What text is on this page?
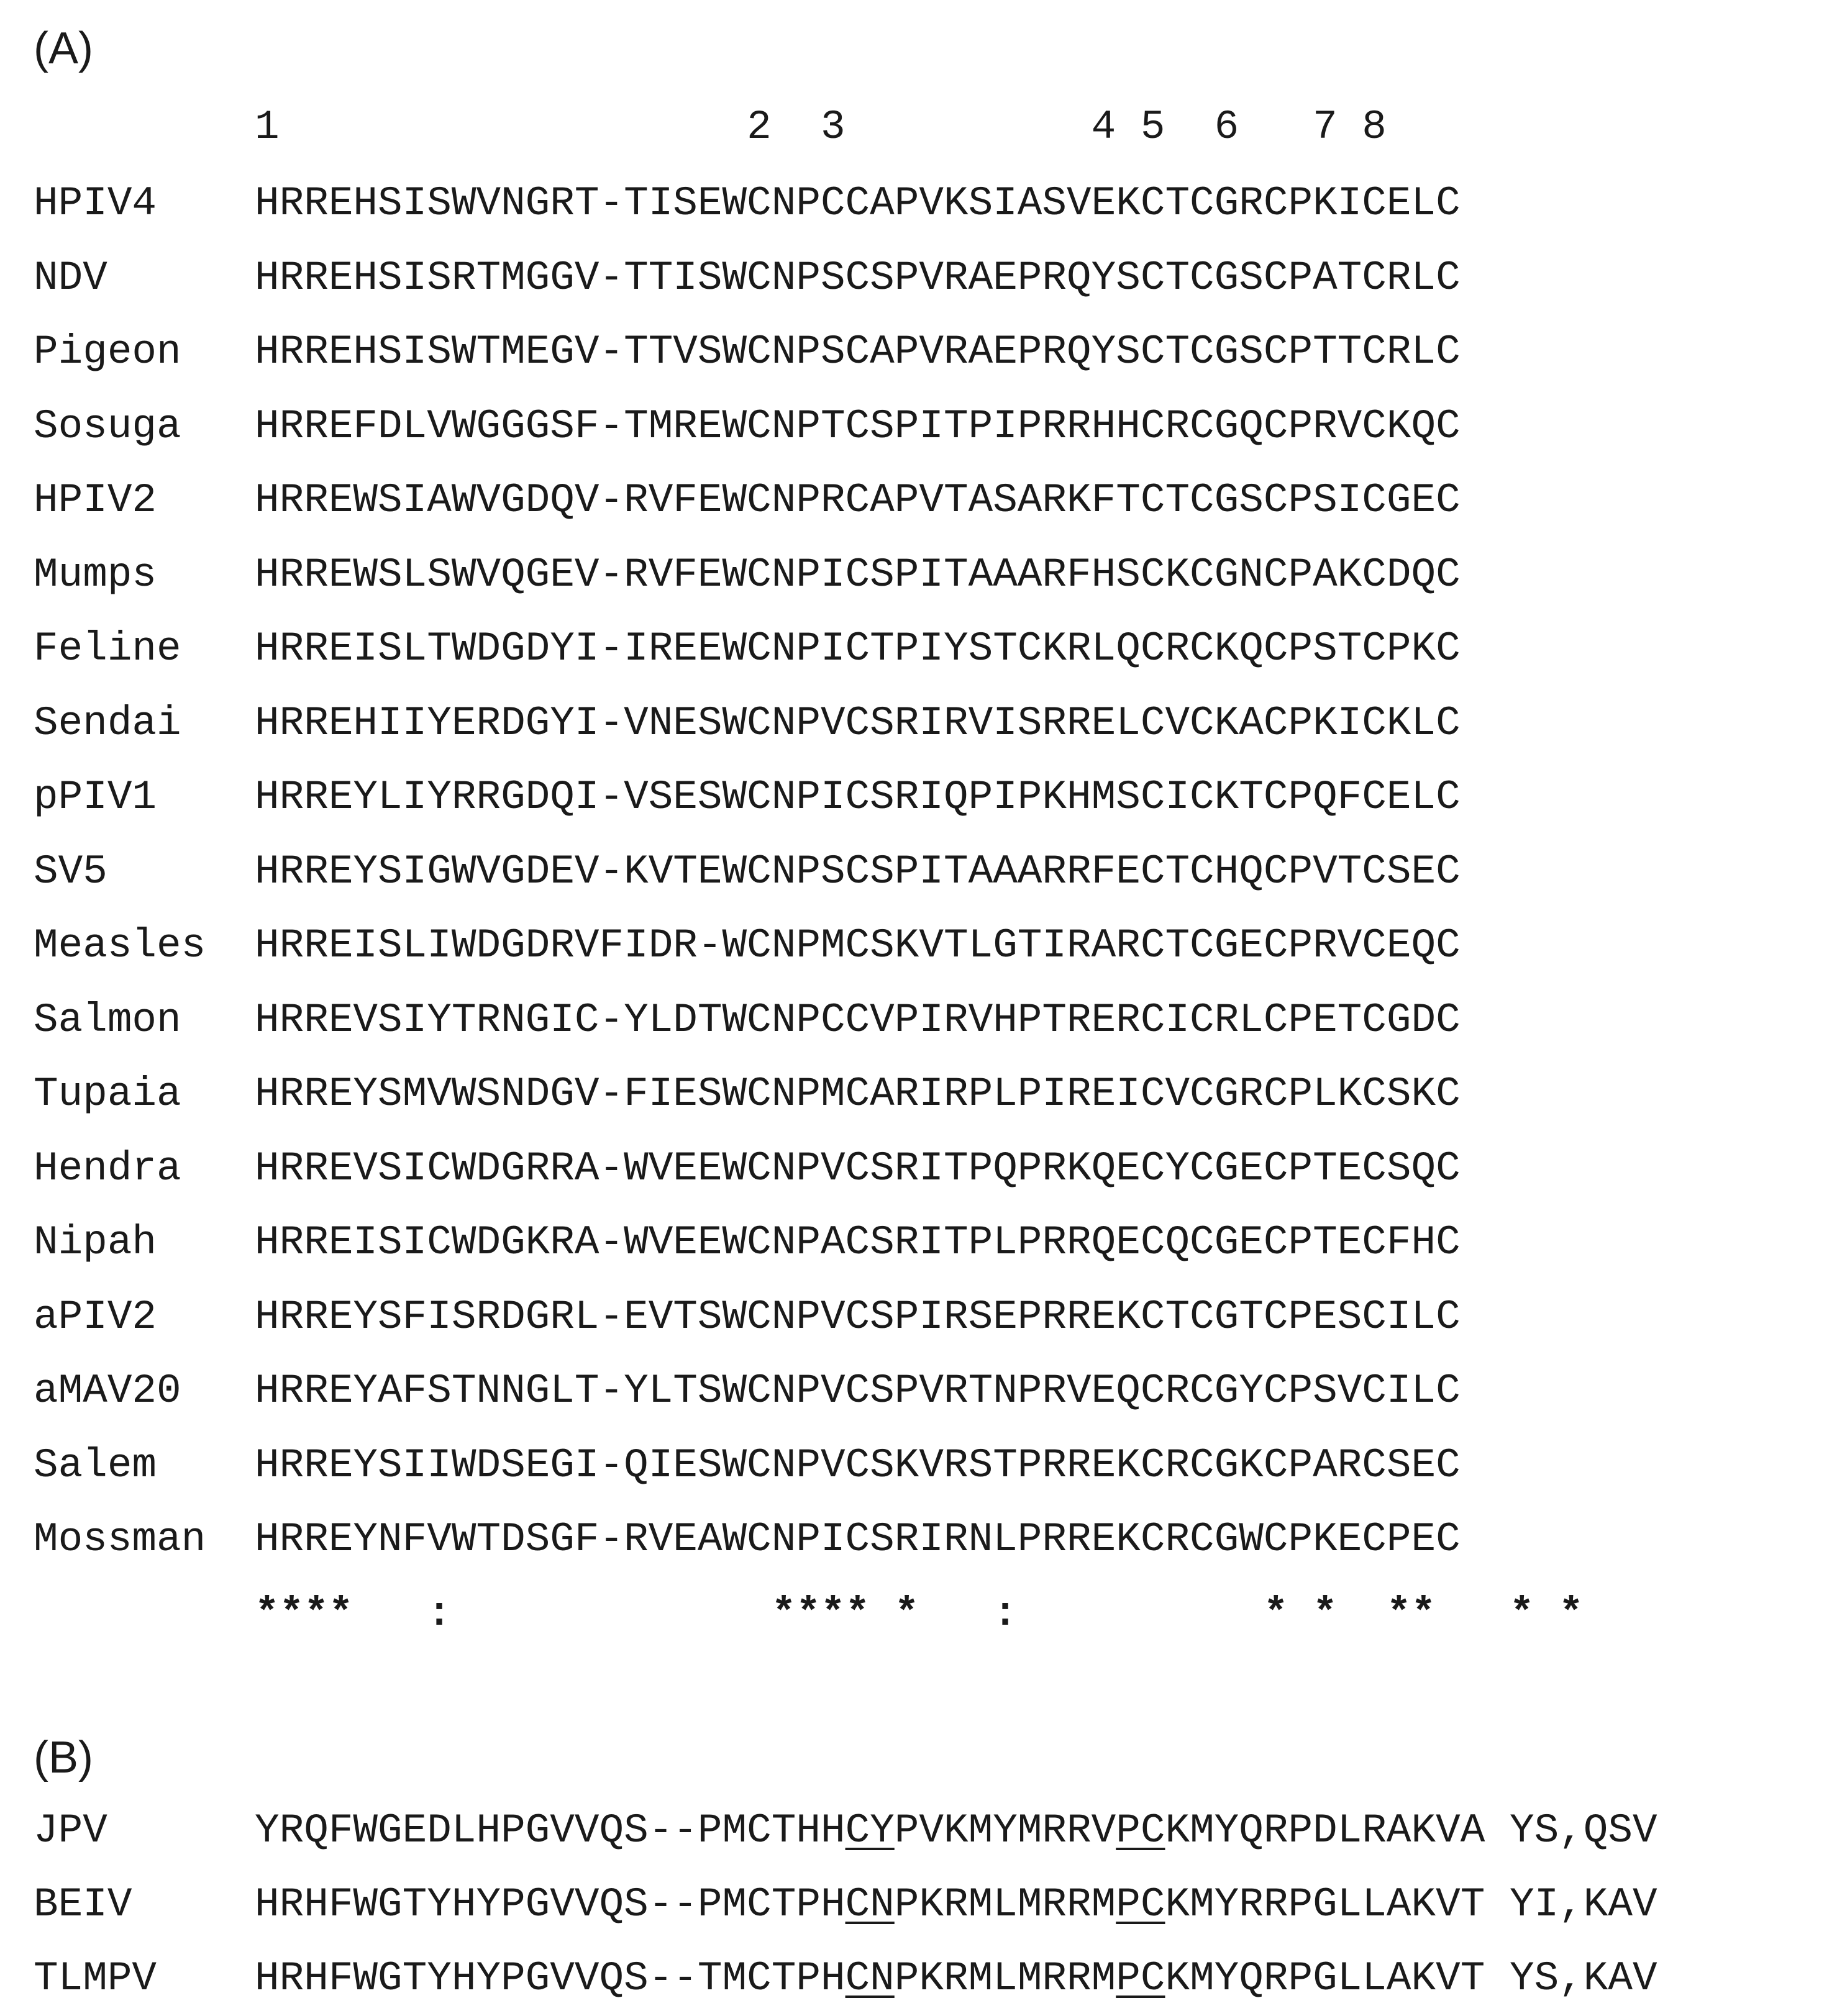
(A)
1                   2  3          4 5  6   7 8
HPIV4 HRREHSISWVNGRT-TISEWCNPCCAPVKSIASVEKCTCGRCPKICELC
NDV	HRREHSISRTMGGV-TTISWCNPSCSPVRAEPRQYSCTCGSCPATCRLC
Pigeon HRREHSISWTMEGV-TTVSWCNPSCAPVRAEPRQYSCTCGSCPTTCRLC
Sosuga HRREFDLVWGGGSF-TMREWCNPTCSPITPIPRRHHCRCGQCPRVCKQC
HPIV2 HRREWSIAWVGDQV-RVFEWCNPRCAPVTASARKFTCTCGSCPSICGEC
Mumps HRREWSLSWVQGEV-RVFEWCNPICSPITAAARFHSCKCGNCPAKCDQC
Feline HRREISLTWDGDYI-IREEWCNPICTPIYSTCKRLQCRCKQCPSTCPKC
Sendai HRREHIIYERDGYI-VNESWCNPVCSRIRVISRRELCVCKACPKICKLC
pPIV1 HRREYLIYRRGDQI-VSESWCNPICSRIQPIPKHMSCICKTCPQFCELC
SV5	HRREYSIGWVGDEV-KVTEWCNPSCSPITAAARRFECTCHQCPVTCSEC
Measles HRREISLIWDGDRVFIDR-WCNPMCSKVTLGTIRARCTCGECPRVCEQC
Salmon HRREVSIYTRNGIC-YLDTWCNPCCVPIRVHPTRERCICRLCPETCGDC
Tupaia HRREYSMVWSNDGV-FIESWCNPMCARIRPLPIREICVCGRCPLKCSKC
Hendra HRREVSICWDGRRA-WVEEWCNPVCSRITPQPRKQECYCGECPTECSQC
Nipah HRREISICWDGKRA-WVEEWCNPACSRITPLPRRQECQCGECPTECFHC
aPIV2 HRREYSFISRDGRL-EVTSWCNPVCSPIRSEPRREKCTCGTCPESCILC
aMAV20 HRREYAFSTNNGLT-YLTSWCNPVCSPVRTNPRVEQCRCGYCPSVCILC
Salem HRREYSIIWDSEGI-QIESWCNPVCSKVRSTPRREKCRCGKCPARCSEC
Mossman HRREYNFVWTDSGF-RVEAWCNPICSRIRNLPRREKCRCGWCPKECPEC
****   :             **** *   :          * *  **   * *
(B)
JPV	YRQFWGEDLHPGVVQS--PMCTHHCYPVKMYMRRVPCKMYQRPDLRAKVA YS,QSV
BEIV	HRHFWGTYHYPGVVQS--PMCTPHCNPKRMLMRRMPCKMYRRPGLLAKVT YI,KAV
TLMPV HRHFWGTYHYPGVVQS--TMCTPHCNPKRMLMRRMPCKMYQRPGLLAKVT YS,KAV
